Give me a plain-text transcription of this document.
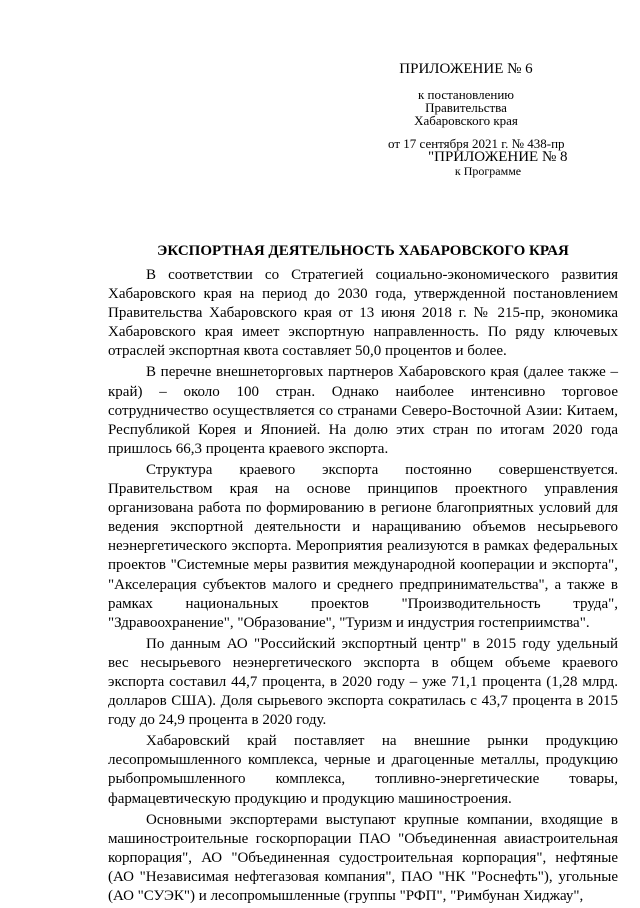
ПРИЛОЖЕНИЕ № 6

к постановлению

Правительства

Хабаровского края

от 17 сентября 2021 г. № 438-пр

"ПРИЛОЖЕНИЕ № 8

к Программе

ЭКСПОРТНАЯ ДЕЯТЕЛЬНОСТЬ ХАБАРОВСКОГО КРАЯ

В соответствии со Стратегией социально-экономического развития Хабаровского края на период до 2030 года, утвержденной постановлением Правительства Хабаровского края от 13 июня 2018 г. № 215-пр, экономика Хабаровского края имеет экспортную направленность. По ряду ключевых отраслей экспортная квота составляет 50,0 процентов и более.

В перечне внешнеторговых партнеров Хабаровского края (далее также – край) – около 100 стран. Однако наиболее интенсивно торговое сотрудничество осуществляется со странами Северо-Восточной Азии: Китаем, Республикой Корея и Японией. На долю этих стран по итогам 2020 года пришлось 66,3 процента краевого экспорта.

Структура краевого экспорта постоянно совершенствуется. Правительством края на основе принципов проектного управления организована работа по формированию в регионе благоприятных условий для ведения экспортной деятельности и наращиванию объемов несырьевого неэнергетического экспорта. Мероприятия реализуются в рамках федеральных проектов "Системные меры развития международной кооперации и экспорта", "Акселерация субъектов малого и среднего предпринимательства", а также в рамках национальных проектов "Производительность труда", "Здравоохранение", "Образование", "Туризм и индустрия гостеприимства".

По данным АО "Российский экспортный центр" в 2015 году удельный вес несырьевого неэнергетического экспорта в общем объеме краевого экспорта составил 44,7 процента, в 2020 году – уже 71,1 процента (1,28 млрд. долларов США). Доля сырьевого экспорта сократилась с 43,7 процента в 2015 году до 24,9 процента в 2020 году.

Хабаровский край поставляет на внешние рынки продукцию лесопромышленного комплекса, черные и драгоценные металлы, продукцию рыбопромышленного комплекса, топливно-энергетические товары, фармацевтическую продукцию и продукцию машиностроения.

Основными экспортерами выступают крупные компании, входящие в машиностроительные госкорпорации ПАО "Объединенная авиастроительная корпорация", АО "Объединенная судостроительная корпорация", нефтяные (АО "Независимая нефтегазовая компания", ПАО "НК "Роснефть"), угольные (АО "СУЭК") и лесопромышленные (группы "РФП", "Римбунан Хиджау",
